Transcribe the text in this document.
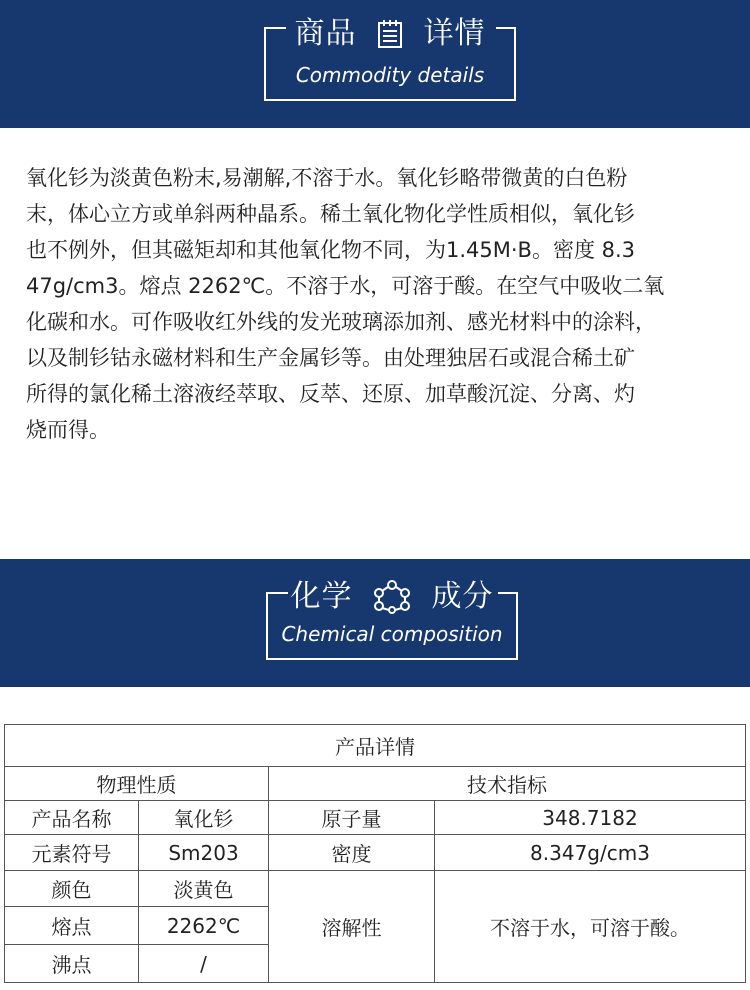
商品 详情
Commodity details

氧化钐为淡黄色粉末,易潮解,不溶于水。氧化钐略带微黄的白色粉

末，体心立方或单斜两种晶系。稀土氧化物化学性质相似，氧化钐

也不例外，但其磁矩却和其他氧化物不同，为1.45M·B。密度 8.3

47g/cm3。熔点 2262℃。不溶于水，可溶于酸。在空气中吸收二氧

化碳和水。可作吸收红外线的发光玻璃添加剂、感光材料中的涂料，

以及制钐钴永磁材料和生产金属钐等。由处理独居石或混合稀土矿

所得的氯化稀土溶液经萃取、反萃、还原、加草酸沉淀、分离、灼

烧而得。

化学	成分
Chemical composition
产品详情			
物理性质		技术指标	
产品名称	氧化钐	原子量	348.7182
元素符号	Sm203	密度	8.347g/cm3
颜色	淡黄色	溶解性	不溶于水，可溶于酸。
熔点	2262℃		
沸点	/		
